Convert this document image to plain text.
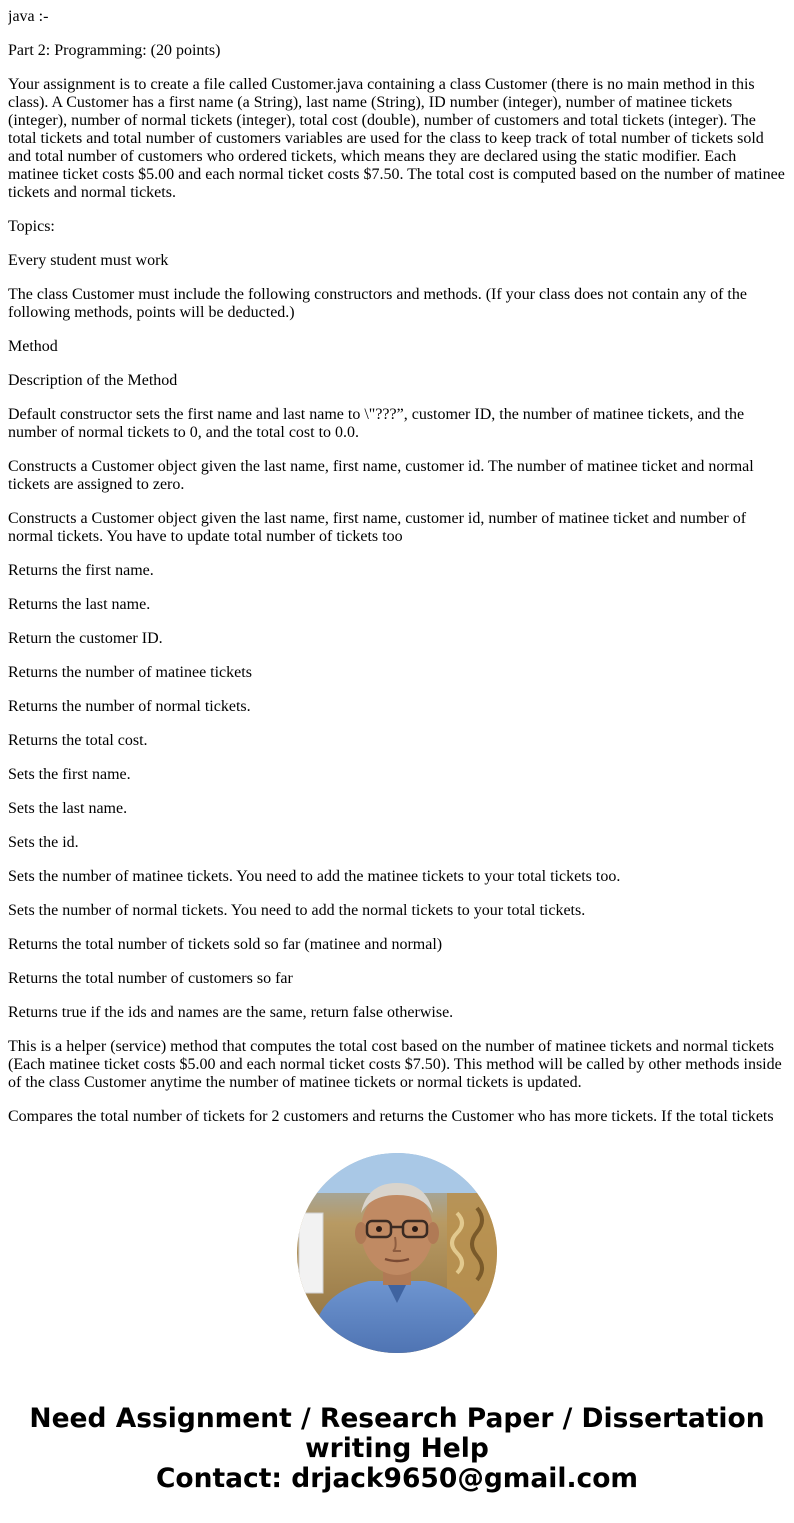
java :-

Part 2: Programming: (20 points)

Your assignment is to create a file called Customer.java containing a class Customer (there is no main method in this class). A Customer has a first name (a String), last name (String), ID number (integer), number of matinee tickets (integer), number of normal tickets (integer), total cost (double), number of customers and total tickets (integer). The total tickets and total number of customers variables are used for the class to keep track of total number of tickets sold and total number of customers who ordered tickets, which means they are declared using the static modifier. Each matinee ticket costs $5.00 and each normal ticket costs $7.50. The total cost is computed based on the number of matinee tickets and normal tickets.

Topics:

Every student must work

The class Customer must include the following constructors and methods. (If your class does not contain any of the following methods, points will be deducted.)

Method

Description of the Method

Default constructor sets the first name and last name to \"???”, customer ID, the number of matinee tickets, and the number of normal tickets to 0, and the total cost to 0.0.

Constructs a Customer object given the last name, first name, customer id. The number of matinee ticket and normal tickets are assigned to zero.

Constructs a Customer object given the last name, first name, customer id, number of matinee ticket and number of normal tickets. You have to update total number of tickets too

Returns the first name.

Returns the last name.

Return the customer ID.

Returns the number of matinee tickets

Returns the number of normal tickets.

Returns the total cost.

Sets the first name.

Sets the last name.

Sets the id.

Sets the number of matinee tickets. You need to add the matinee tickets to your total tickets too.

Sets the number of normal tickets. You need to add the normal tickets to your total tickets.

Returns the total number of tickets sold so far (matinee and normal)

Returns the total number of customers so far

Returns true if the ids and names are the same, return false otherwise.

This is a helper (service) method that computes the total cost based on the number of matinee tickets and normal tickets (Each matinee ticket costs $5.00 and each normal ticket costs $7.50). This method will be called by other methods inside of the class Customer anytime the number of matinee tickets or normal tickets is updated.

Compares the total number of tickets for 2 customers and returns the Customer who has more tickets. If the total tickets

Need Assignment / Research Paper / Dissertation
writing Help
Contact: drjack9650@gmail.com
